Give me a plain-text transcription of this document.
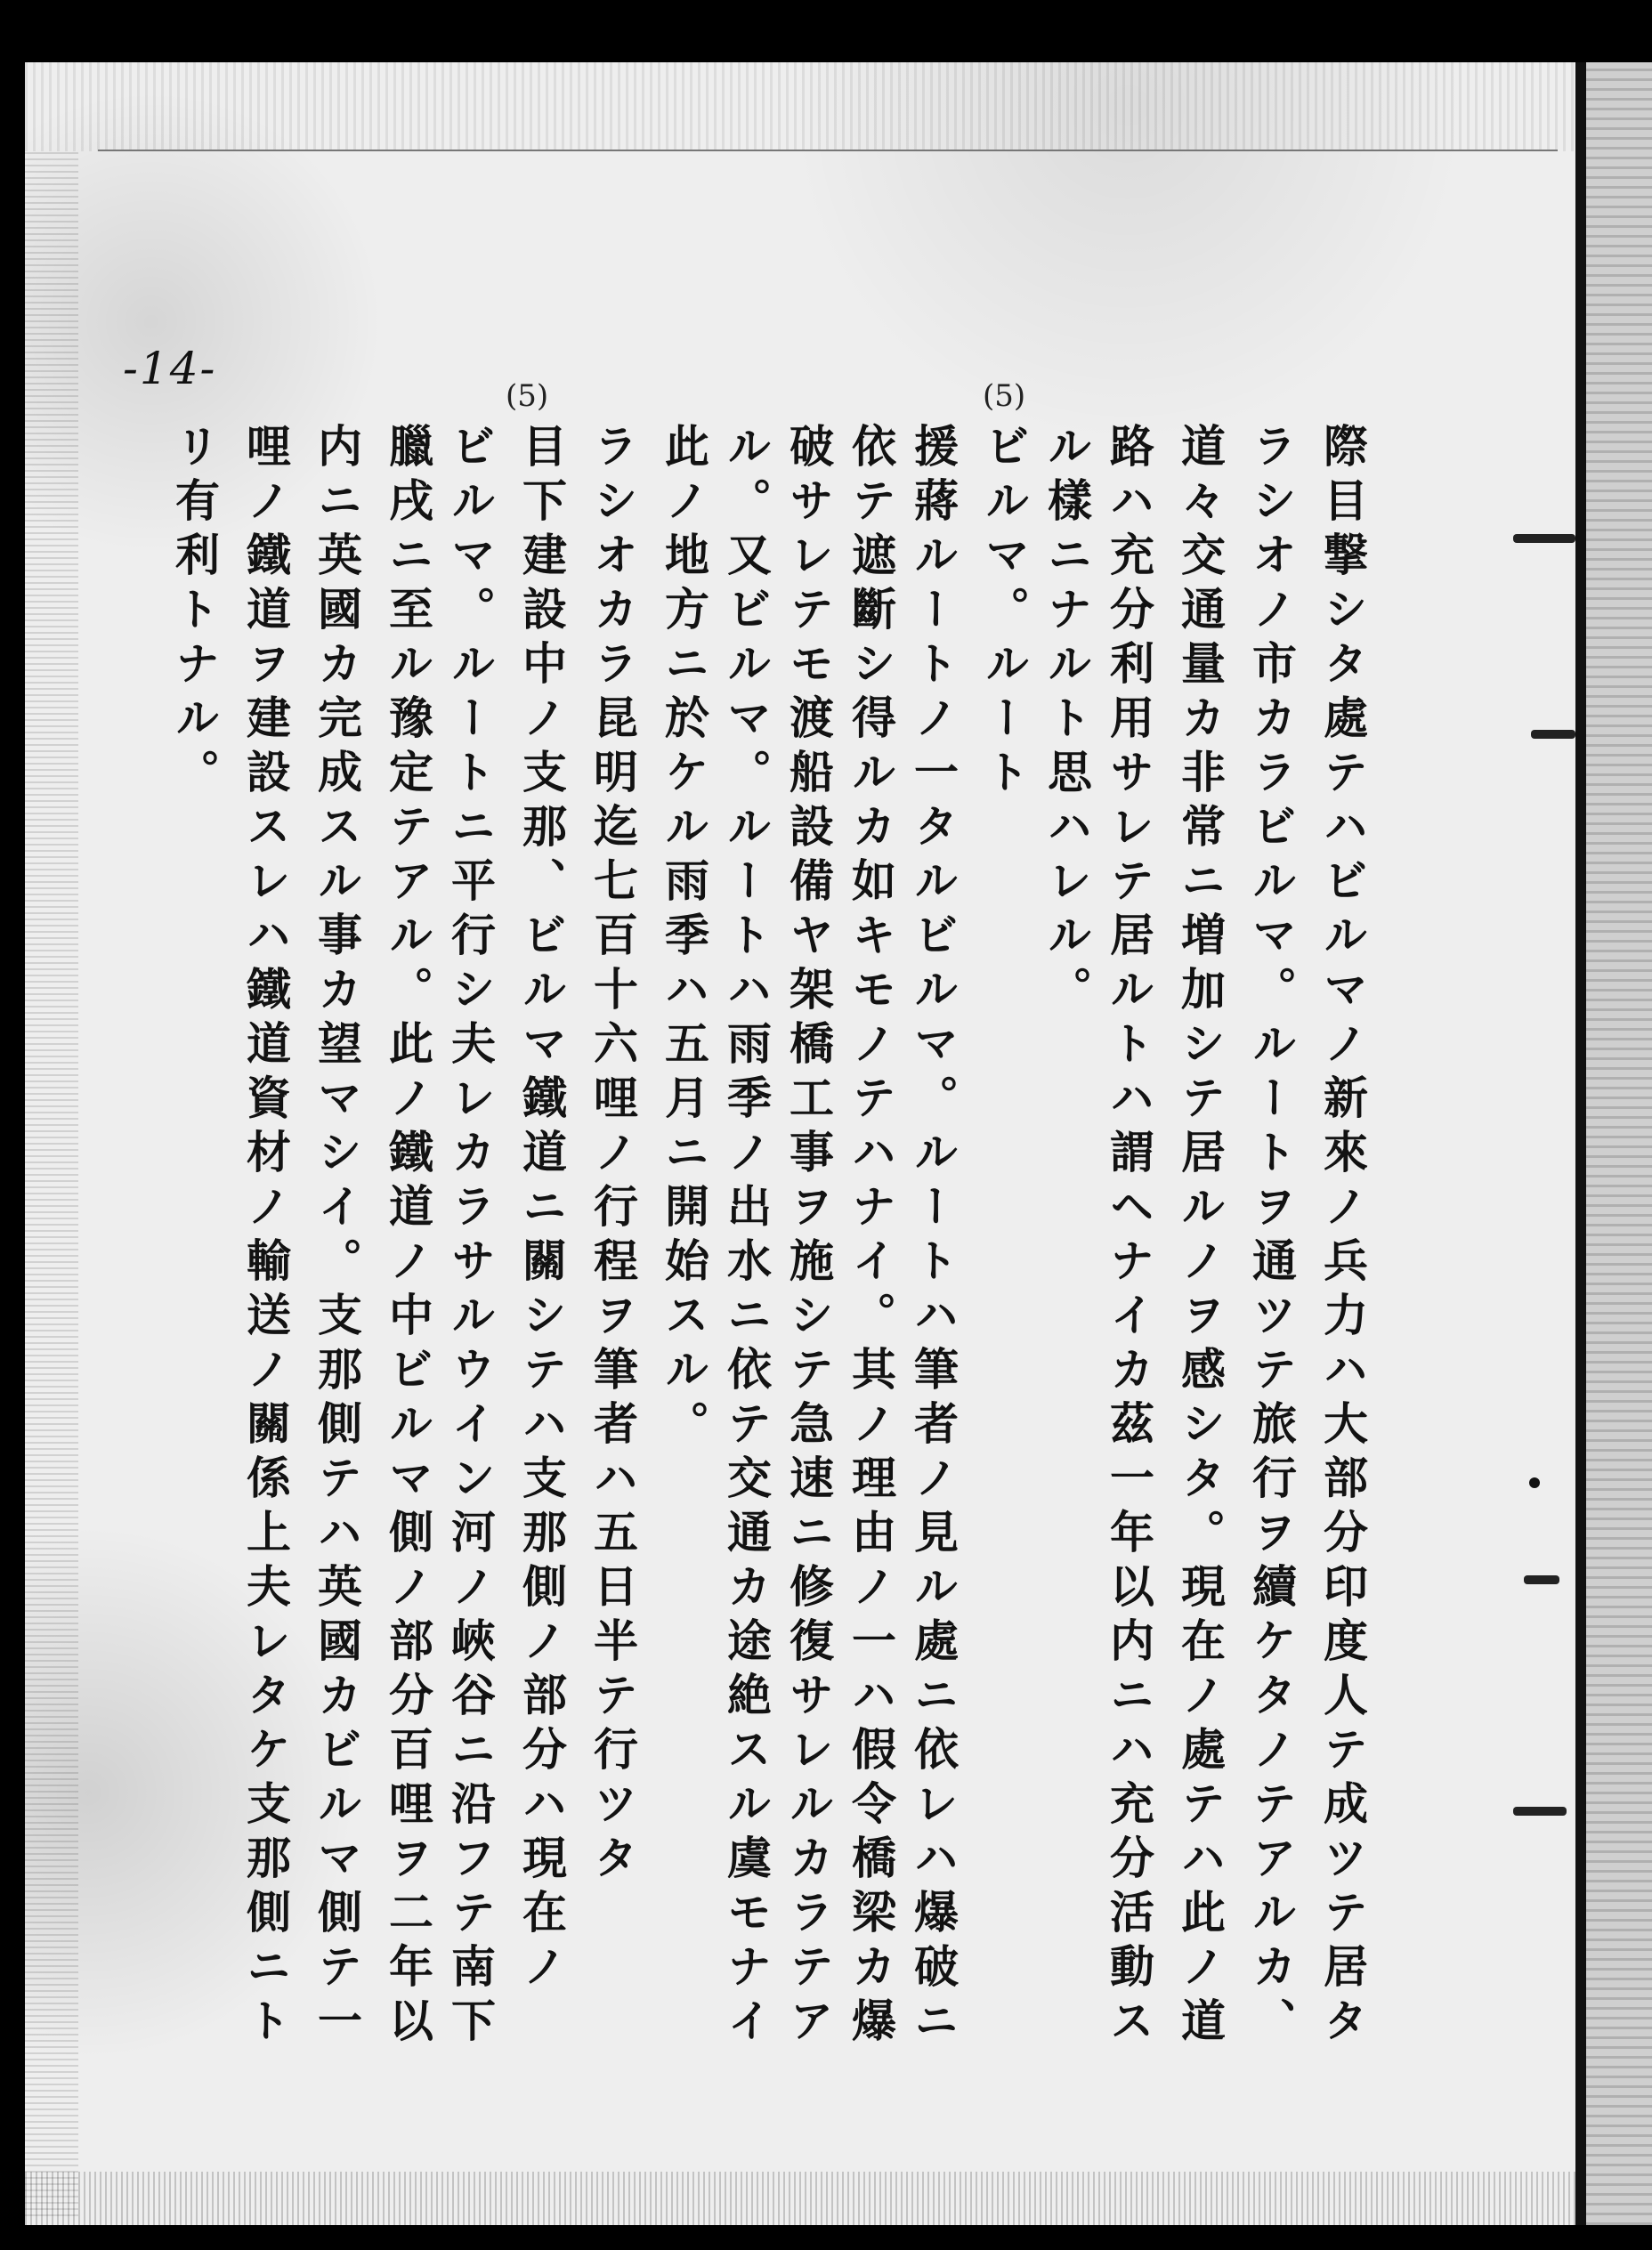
-14-
(5)
(5)
際目撃シタ處テハビルマノ新來ノ兵力ハ大部分印度人テ成ツテ居タ
ラシオノ市カラビルマ。ルートヲ通ツテ旅行ヲ續ケタノテアルカ、
道々交通量カ非常ニ増加シテ居ルノヲ感シタ。現在ノ處テハ此ノ道
路ハ充分利用サレテ居ルトハ謂ヘナイカ茲一年以内ニハ充分活動ス
ル樣ニナルト思ハレル。
ビルマ。ルート
援蔣ルートノ一タルビルマ。ルートハ筆者ノ見ル處ニ依レハ爆破ニ
依テ遮斷シ得ルカ如キモノテハナイ。其ノ理由ノ一ハ假令橋梁カ爆
破サレテモ渡船設備ヤ架橋工事ヲ施シテ急速ニ修復サレルカラテア
ル。又ビルマ。ルートハ雨季ノ出水ニ依テ交通カ途絶スル虞モナイ
此ノ地方ニ於ケル雨季ハ五月ニ開始スル。
ラシオカラ昆明迄七百十六哩ノ行程ヲ筆者ハ五日半テ行ツタ
目下建設中ノ支那、ビルマ鐵道ニ關シテハ支那側ノ部分ハ現在ノ
ビルマ。ルートニ平行シ夫レカラサルウイン河ノ峽谷ニ沿フテ南下
臘戌ニ至ル豫定テアル。此ノ鐵道ノ中ビルマ側ノ部分百哩ヲ二年以
内ニ英國カ完成スル事カ望マシイ。支那側テハ英國カビルマ側テ一
哩ノ鐵道ヲ建設スレハ鐵道資材ノ輸送ノ關係上夫レタケ支那側ニト
リ有利トナル。
